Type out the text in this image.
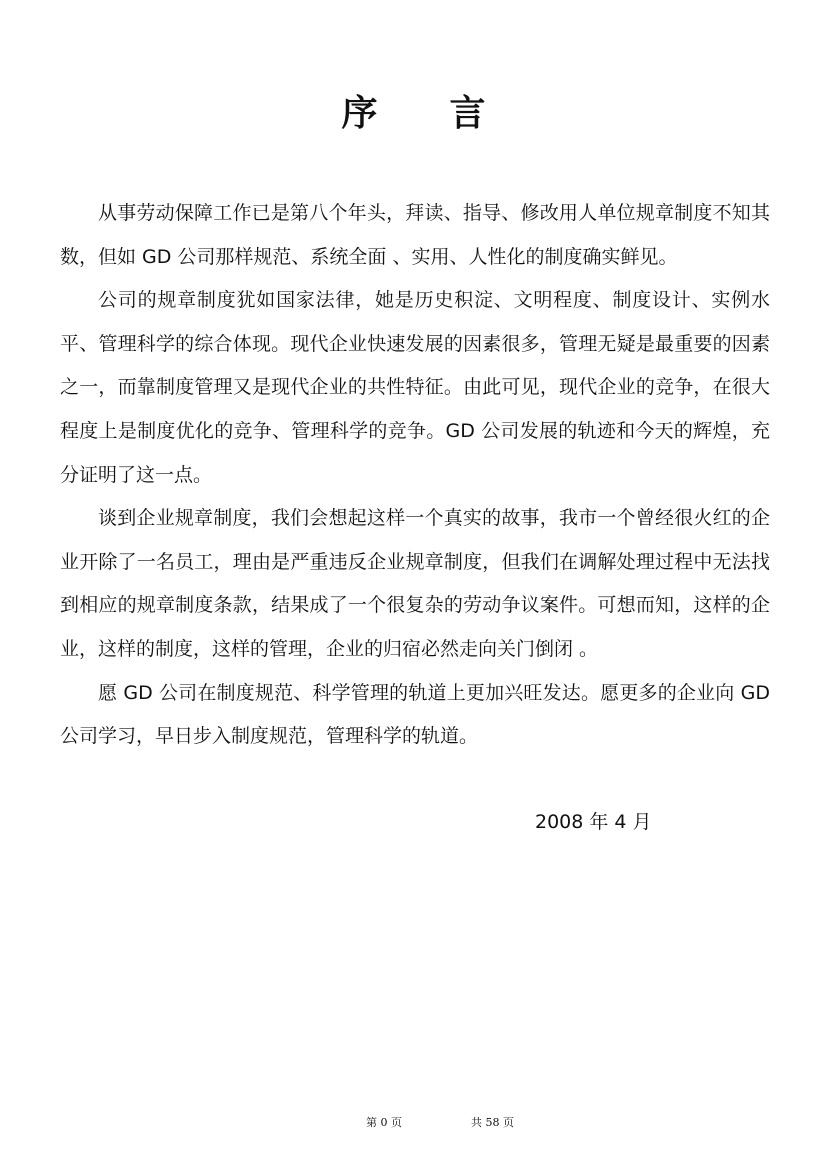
序 言

从事劳动保障工作已是第八个年头，拜读、指导、修改用人单位规章制度不知其数，但如 GD 公司那样规范、系统全面 、实用、人性化的制度确实鲜见。

公司的规章制度犹如国家法律，她是历史积淀、文明程度、制度设计、实例水平、管理科学的综合体现。现代企业快速发展的因素很多，管理无疑是最重要的因素之一，而靠制度管理又是现代企业的共性特征。由此可见，现代企业的竞争，在很大程度上是制度优化的竞争、管理科学的竞争。GD 公司发展的轨迹和今天的辉煌，充分证明了这一点。

谈到企业规章制度，我们会想起这样一个真实的故事，我市一个曾经很火红的企业开除了一名员工，理由是严重违反企业规章制度，但我们在调解处理过程中无法找到相应的规章制度条款，结果成了一个很复杂的劳动争议案件。可想而知，这样的企业，这样的制度，这样的管理，企业的归宿必然走向关门倒闭 。

愿 GD 公司在制度规范、科学管理的轨道上更加兴旺发达。愿更多的企业向 GD 公司学习，早日步入制度规范，管理科学的轨道。

2008 年 4 月
第 0 页	共 58 页
